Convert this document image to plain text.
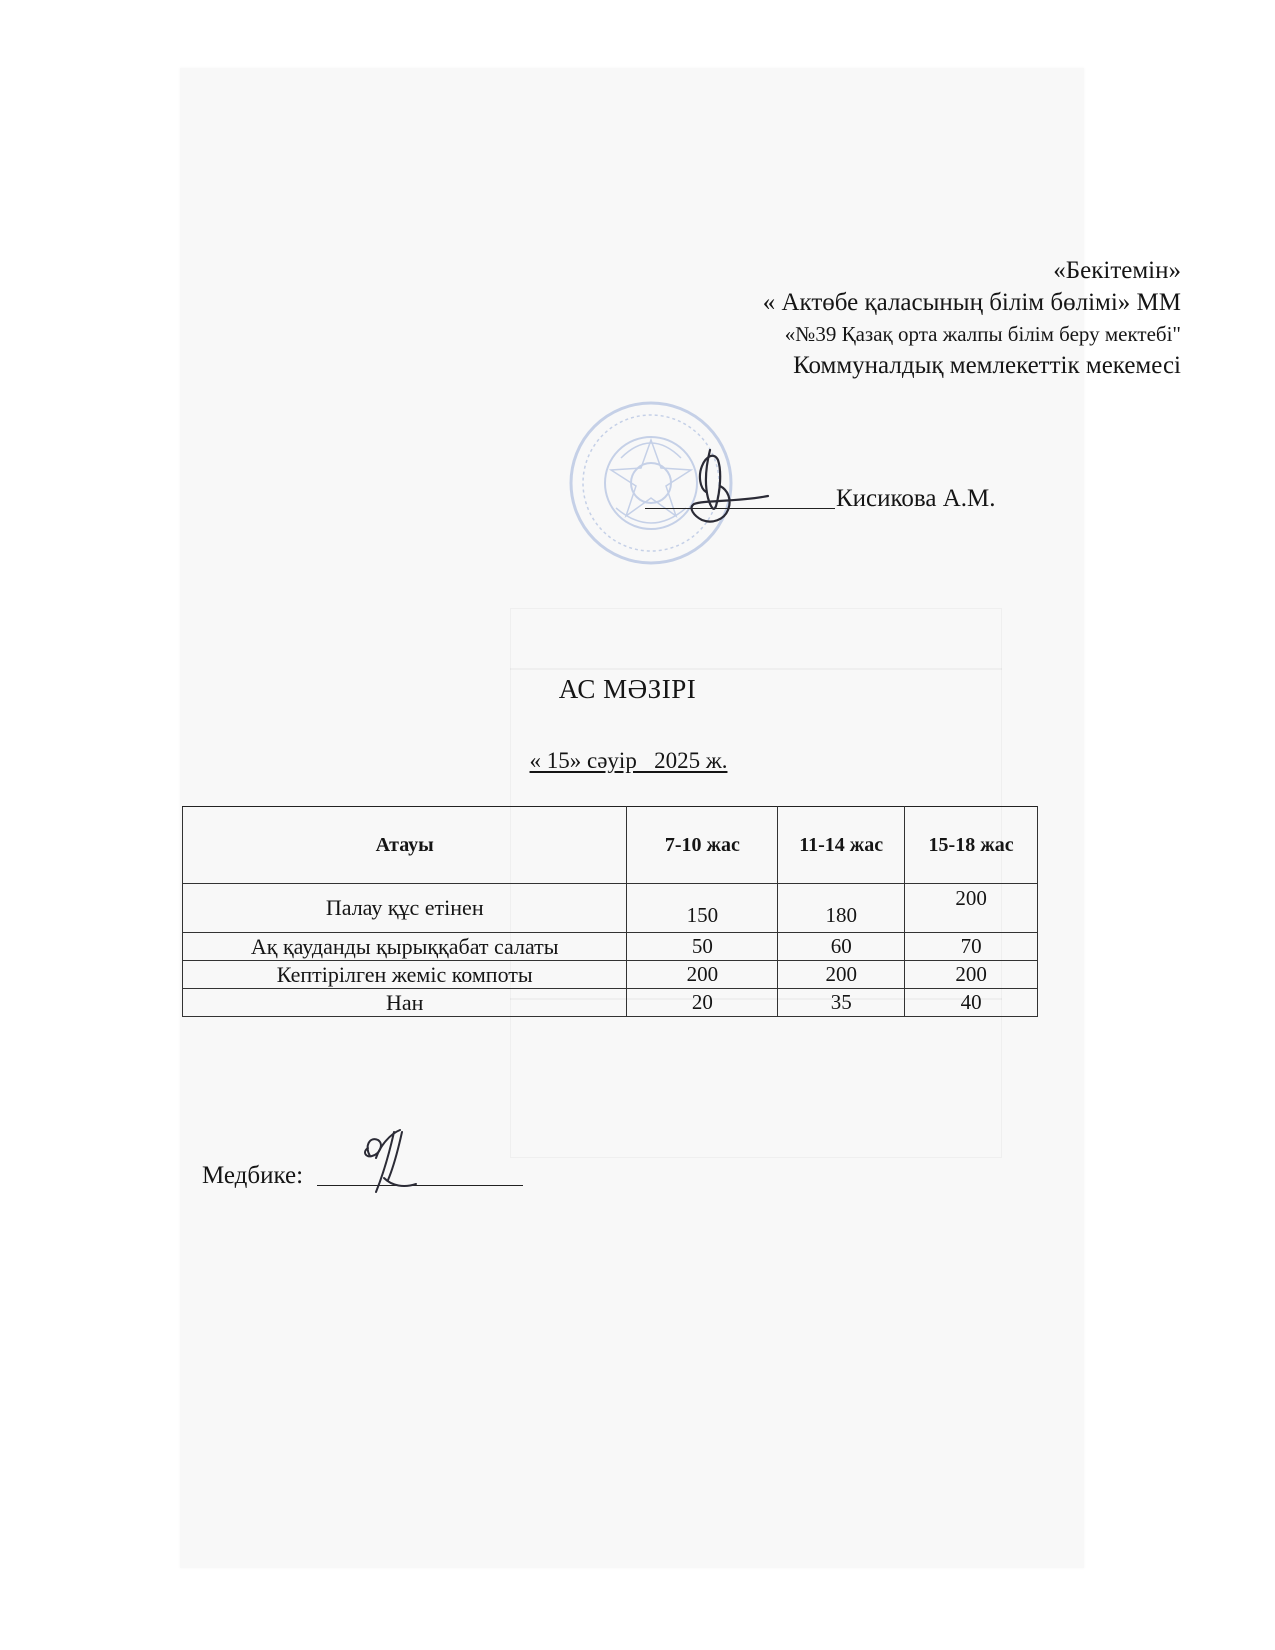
«Бекітемін»
« Актөбе қаласының білім бөлімі» ММ
«№39 Қазақ орта жалпы білім беру мектебі"
Коммуналдық мемлекеттік мекемесі
Кисикова А.М.
АС МӘЗІРІ
« 15» сәуір   2025 ж.
Атауы	7-10 жас	11-14 жас	15-18 жас
Палау құс етінен	150	180	200
Ақ қауданды қырыққабат салаты	50	60	70
Кептірілген жеміс компоты	200	200	200
Нан	20	35	40
Медбике:
